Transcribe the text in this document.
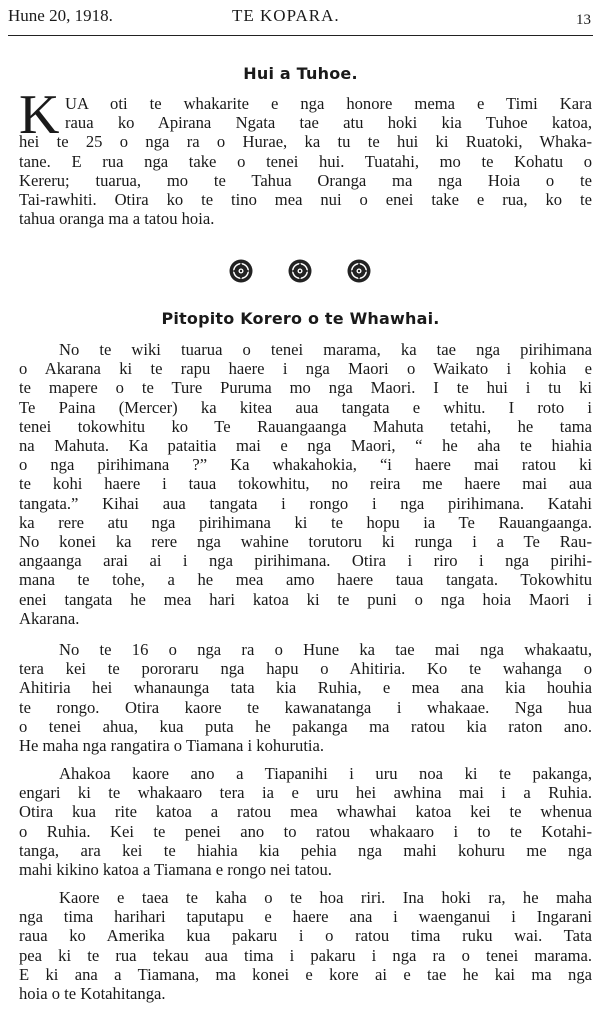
Hune 20, 1918.	TE KOPARA.	13
Hui a Tuhoe.
K UA oti te whakarite e nga honore mema e Timi Kara
raua ko Apirana Ngata tae atu hoki kia Tuhoe katoa,
hei te 25 o nga ra o Hurae, ka tu te hui ki Ruatoki, Whaka-
tane. E rua nga take o tenei hui. Tuatahi, mo te Kohatu o
Kereru; tuarua, mo te Tahua Oranga ma nga Hoia o te
Tai-rawhiti. Otira ko te tino mea nui o enei take e rua, ko te
tahua oranga ma a tatou hoia.
Pitopito Korero o te Whawhai.
No te wiki tuarua o tenei marama, ka tae nga pirihimana
o Akarana ki te rapu haere i nga Maori o Waikato i kohia e
te mapere o te Ture Puruma mo nga Maori. I te hui i tu ki
Te Paina (Mercer) ka kitea aua tangata e whitu. I roto i
tenei tokowhitu ko Te Rauangaanga Mahuta tetahi, he tama
na Mahuta. Ka pataitia mai e nga Maori, “ he aha te hiahia
o nga pirihimana ?” Ka whakahokia, “i haere mai ratou ki
te kohi haere i taua tokowhitu, no reira me haere mai aua
tangata.” Kihai aua tangata i rongo i nga pirihimana. Katahi
ka rere atu nga pirihimana ki te hopu ia Te Rauangaanga.
No konei ka rere nga wahine torutoru ki runga i a Te Rau-
angaanga arai ai i nga pirihimana. Otira i riro i nga pirihi-
mana te tohe, a he mea amo haere taua tangata. Tokowhitu
enei tangata he mea hari katoa ki te puni o nga hoia Maori i
Akarana.
No te 16 o nga ra o Hune ka tae mai nga whakaatu,
tera kei te pororaru nga hapu o Ahitiria. Ko te wahanga o
Ahitiria hei whanaunga tata kia Ruhia, e mea ana kia houhia
te rongo. Otira kaore te kawanatanga i whakaae. Nga hua
o tenei ahua, kua puta he pakanga ma ratou kia raton ano.
He maha nga rangatira o Tiamana i kohurutia.
Ahakoa kaore ano a Tiapanihi i uru noa ki te pakanga,
engari ki te whakaaro tera ia e uru hei awhina mai i a Ruhia.
Otira kua rite katoa a ratou mea whawhai katoa kei te whenua
o Ruhia. Kei te penei ano to ratou whakaaro i to te Kotahi-
tanga, ara kei te hiahia kia pehia nga mahi kohuru me nga
mahi kikino katoa a Tiamana e rongo nei tatou.
Kaore e taea te kaha o te hoa riri. Ina hoki ra, he maha
nga tima harihari taputapu e haere ana i waenganui i Ingarani
raua ko Amerika kua pakaru i o ratou tima ruku wai. Tata
pea ki te rua tekau aua tima i pakaru i nga ra o tenei marama.
E ki ana a Tiamana, ma konei e kore ai e tae he kai ma nga
hoia o te Kotahitanga.
